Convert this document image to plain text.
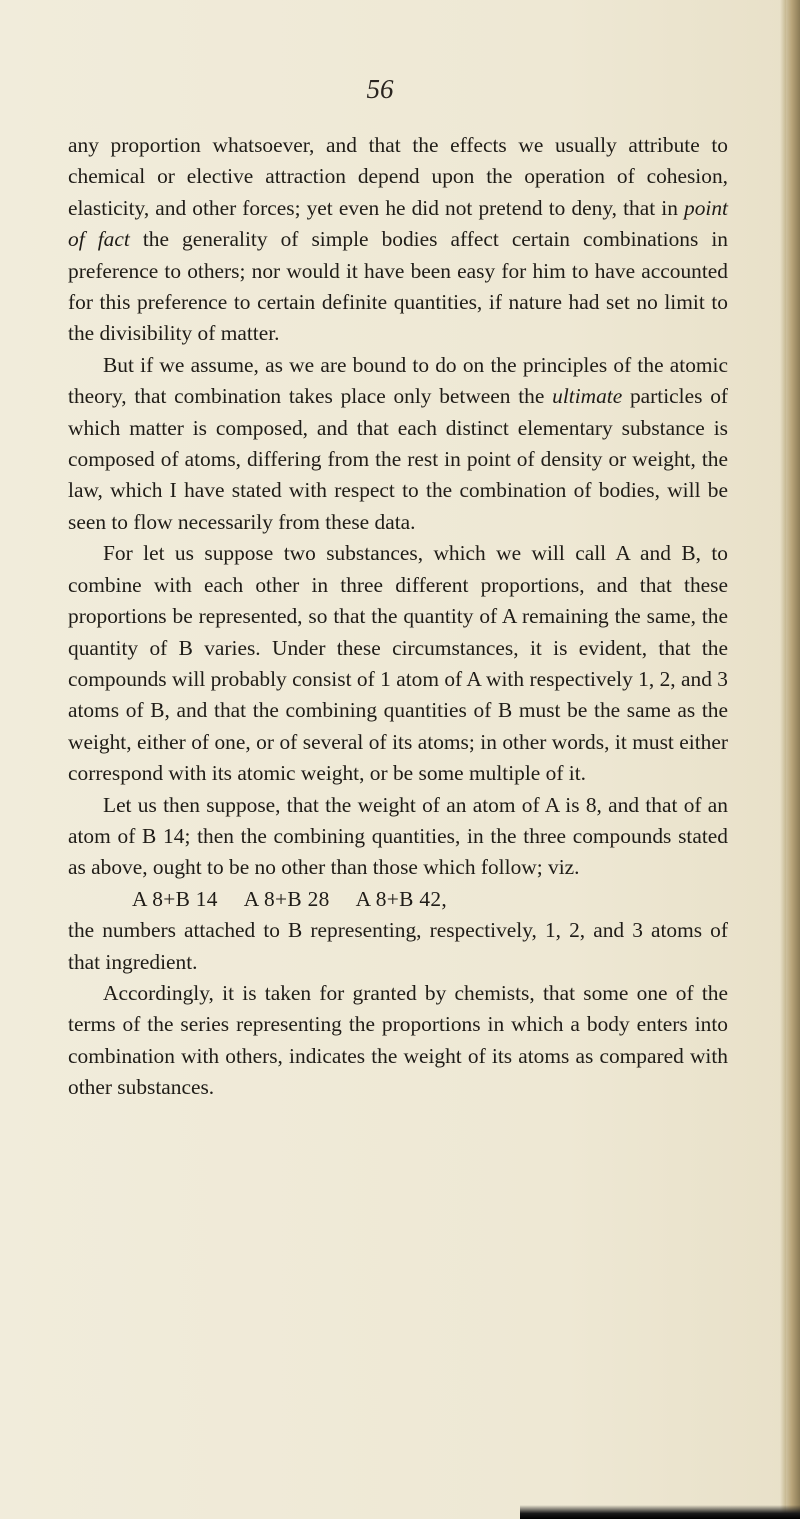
56

any proportion whatsoever, and that the effects we usually attribute to chemical or elective attraction depend upon the operation of cohesion, elasticity, and other forces; yet even he did not pretend to deny, that in point of fact the generality of simple bodies affect certain combinations in preference to others; nor would it have been easy for him to have accounted for this preference to certain definite quantities, if nature had set no limit to the divisibility of matter.

But if we assume, as we are bound to do on the principles of the atomic theory, that combination takes place only between the ultimate particles of which matter is composed, and that each distinct elementary substance is composed of atoms, differing from the rest in point of density or weight, the law, which I have stated with respect to the combination of bodies, will be seen to flow necessarily from these data.

For let us suppose two substances, which we will call A and B, to combine with each other in three different proportions, and that these proportions be represented, so that the quantity of A remaining the same, the quantity of B varies. Under these circumstances, it is evident, that the compounds will probably consist of 1 atom of A with respectively 1, 2, and 3 atoms of B, and that the combining quantities of B must be the same as the weight, either of one, or of several of its atoms; in other words, it must either correspond with its atomic weight, or be some multiple of it.

Let us then suppose, that the weight of an atom of A is 8, and that of an atom of B 14; then the combining quantities, in the three compounds stated as above, ought to be no other than those which follow; viz.

A 8+B 14 A 8+B 28 A 8+B 42,

the numbers attached to B representing, respectively, 1, 2, and 3 atoms of that ingredient.

Accordingly, it is taken for granted by chemists, that some one of the terms of the series representing the proportions in which a body enters into combination with others, indicates the weight of its atoms as compared with other substances.
